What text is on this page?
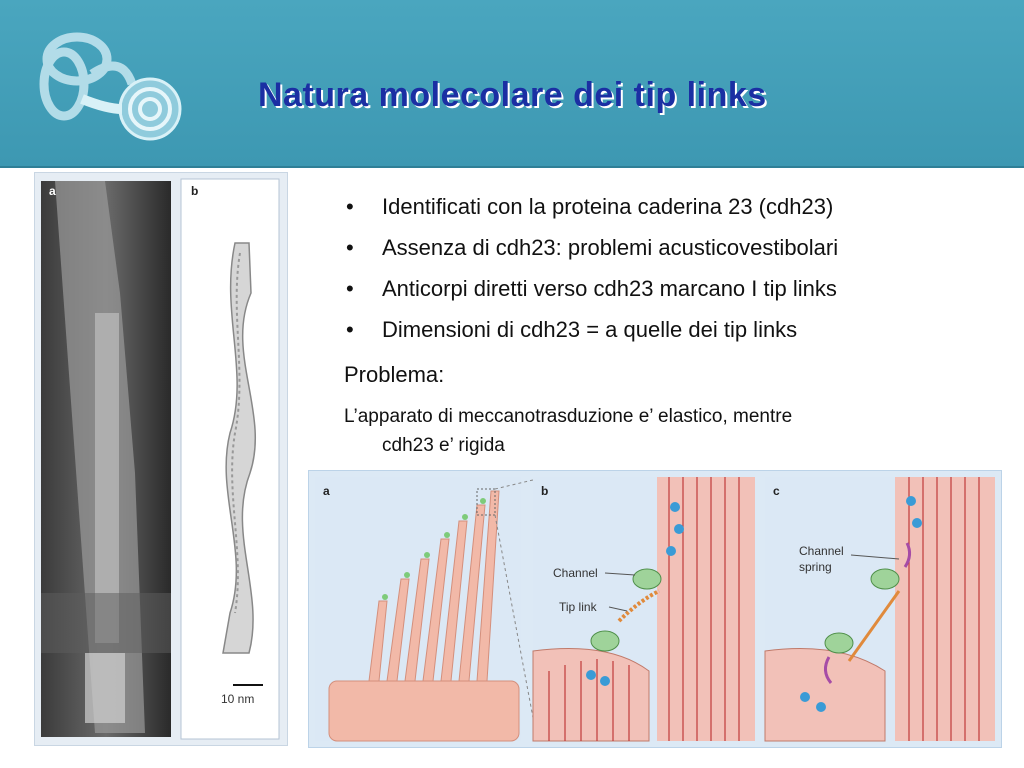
Natura molecolare dei tip links
a	b
10 nm
• Identificati con la proteina caderina 23 (cdh23)
• Assenza di cdh23: problemi acusticovestibolari
• Anticorpi diretti verso cdh23 marcano I tip links
• Dimensioni di cdh23 = a quelle dei tip links
Problema:
L’apparato di meccanotrasduzione e’ elastico, mentre
cdh23 e’ rigida
a	b
Channel
Tip link
c
Channel
spring
